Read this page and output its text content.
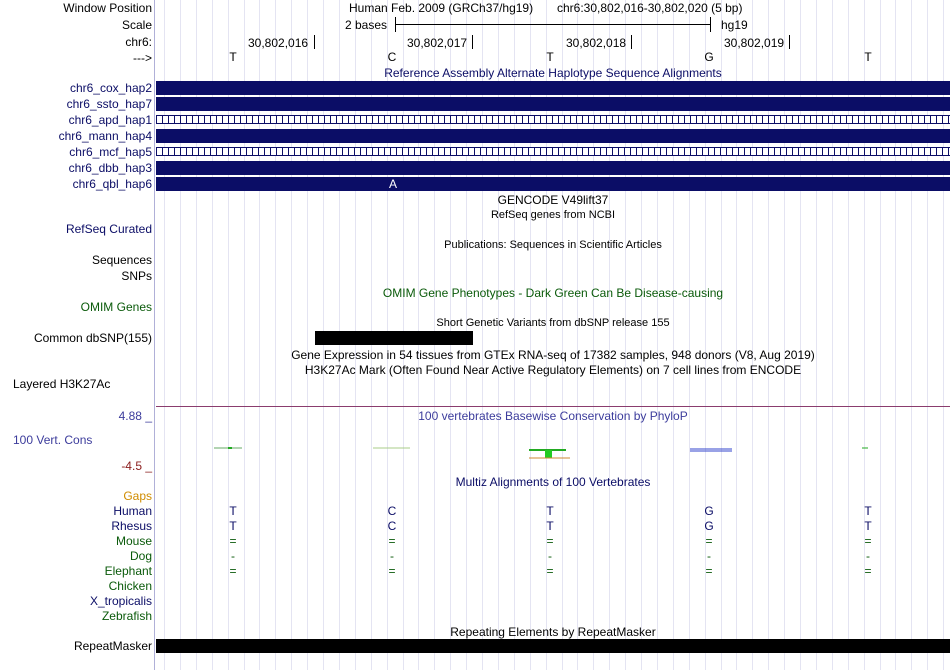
Window Position
Scale
chr6:
--->
Human Feb. 2009 (GRCh37/hg19) chr6:30,802,016-30,802,020 (5 bp)
2 bases	hg19
30,802,016	30,802,017	30,802,018	30,802,019
T	C	T	G	T
Reference Assembly Alternate Haplotype Sequence Alignments
chr6_cox_hap2
chr6_ssto_hap7
chr6_apd_hap1
chr6_mann_hap4
chr6_mcf_hap5
chr6_dbb_hap3
chr6_qbl_hap6	A
GENCODE V49lift37
RefSeq genes from NCBI
RefSeq Curated
Publications: Sequences in Scientific Articles
Sequences
SNPs
OMIM Gene Phenotypes - Dark Green Can Be Disease-causing
OMIM Genes
Short Genetic Variants from dbSNP release 155
Common dbSNP(155)
Gene Expression in 54 tissues from GTEx RNA-seq of 17382 samples, 948 donors (V8, Aug 2019)
H3K27Ac Mark (Often Found Near Active Regulatory Elements) on 7 cell lines from ENCODE
Layered H3K27Ac
4.88 _	100 vertebrates Basewise Conservation by PhyloP
100 Vert. Cons
-4.5 _
Multiz Alignments of 100 Vertebrates
Gaps
Human	T	C	T	G	T
Rhesus	T	C	T	G	T
Mouse	=	=	=	=	=
Dog	-	-	-	-	-
Elephant	=	=	=	=	=
Chicken
X_tropicalis
Zebrafish
Repeating Elements by RepeatMasker
RepeatMasker
